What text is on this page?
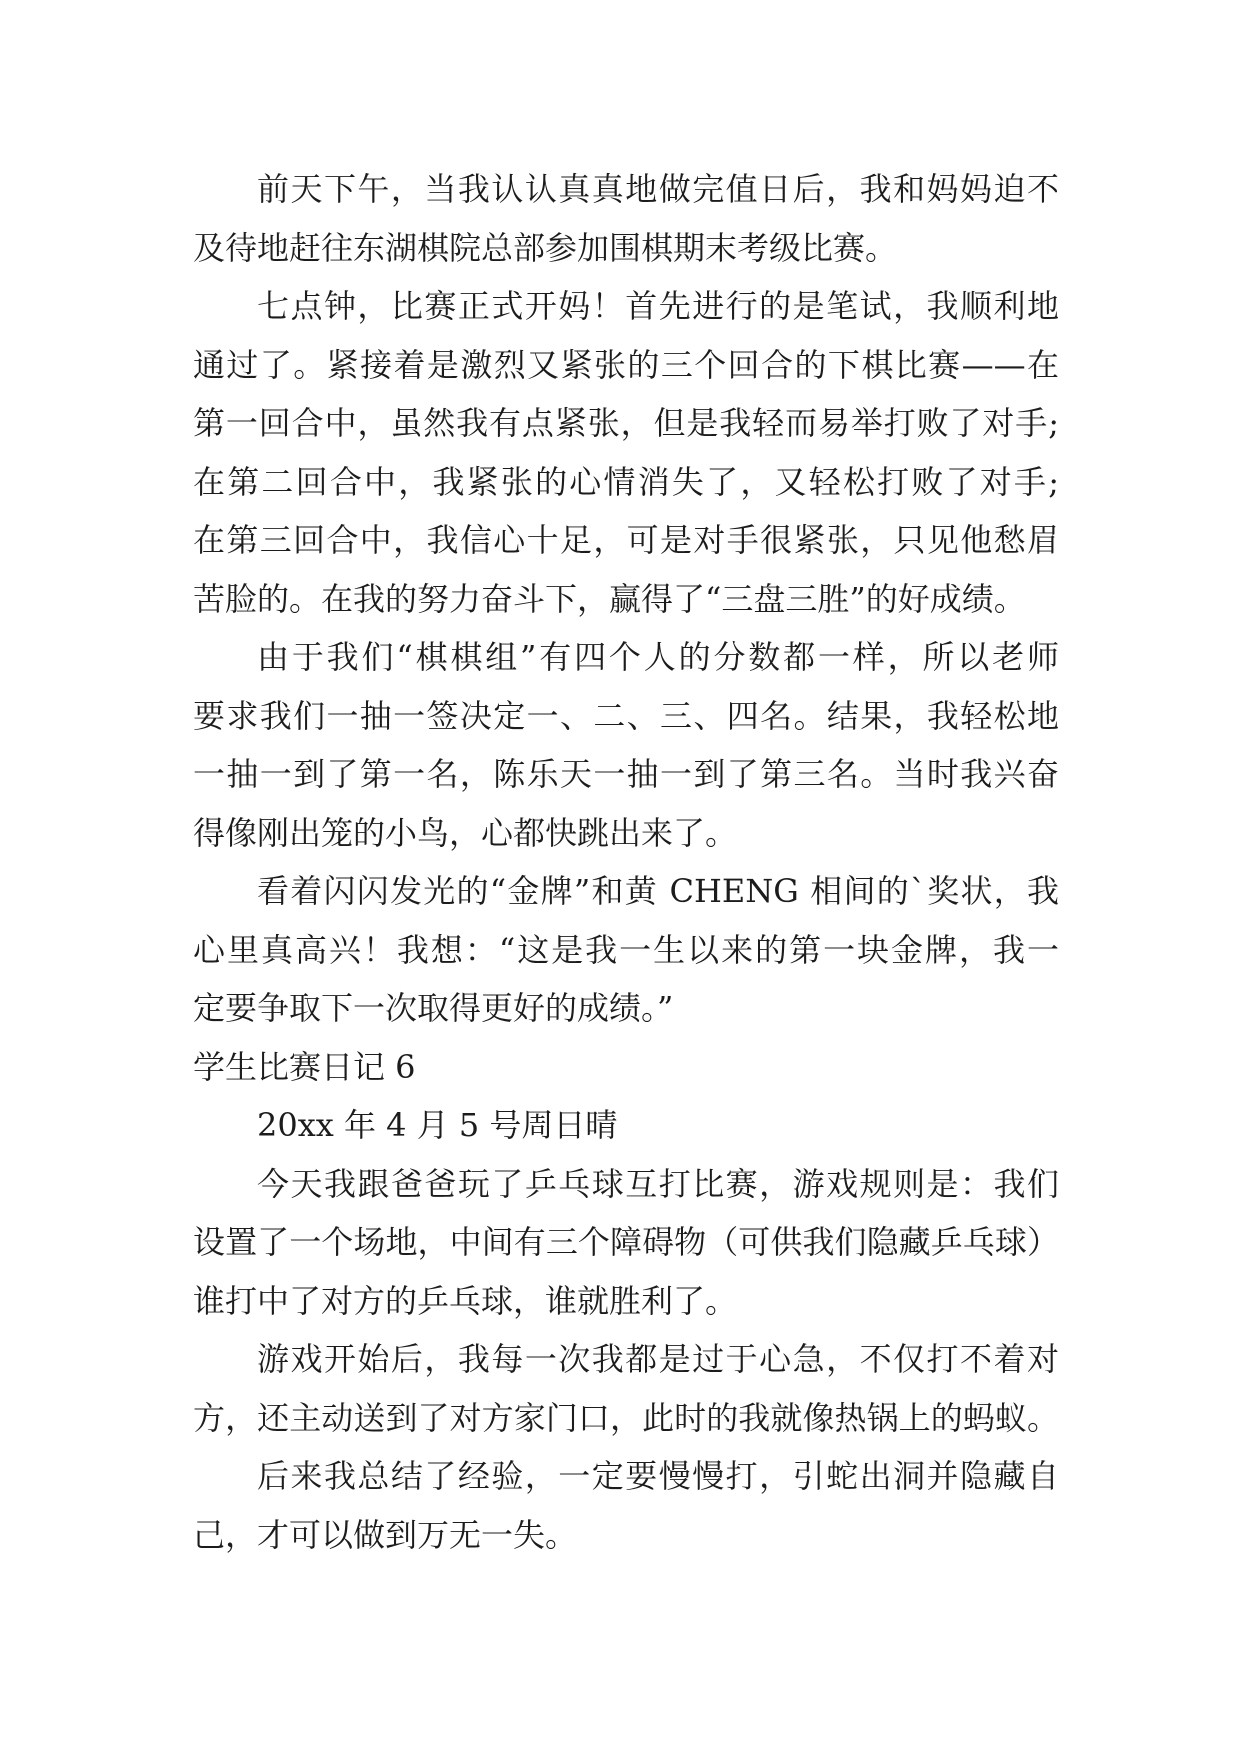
前天下午，当我认认真真地做完值日后，我和妈妈迫不
及待地赶往东湖棋院总部参加围棋期末考级比赛。
七点钟，比赛正式开妈！首先进行的是笔试，我顺利地
通过了。紧接着是激烈又紧张的三个回合的下棋比赛——在
第一回合中，虽然我有点紧张，但是我轻而易举打败了对手;
在第二回合中，我紧张的心情消失了，又轻松打败了对手;
在第三回合中，我信心十足，可是对手很紧张，只见他愁眉
苦脸的。在我的努力奋斗下，赢得了“三盘三胜”的好成绩。
由于我们“棋棋组”有四个人的分数都一样，所以老师
要求我们一抽一签决定一、二、三、四名。结果，我轻松地
一抽一到了第一名，陈乐天一抽一到了第三名。当时我兴奋
得像刚出笼的小鸟，心都快跳出来了。
看着闪闪发光的“金牌”和黄 CHENG 相间的`奖状，我
心里真高兴！我想：“这是我一生以来的第一块金牌，我一
定要争取下一次取得更好的成绩。”
学生比赛日记 6
20xx 年 4 月 5 号周日晴
今天我跟爸爸玩了乒乓球互打比赛，游戏规则是：我们
设置了一个场地，中间有三个障碍物（可供我们隐藏乒乓球）
谁打中了对方的乒乓球，谁就胜利了。
游戏开始后，我每一次我都是过于心急，不仅打不着对
方，还主动送到了对方家门口，此时的我就像热锅上的蚂蚁。
后来我总结了经验，一定要慢慢打，引蛇出洞并隐藏自
己，才可以做到万无一失。
